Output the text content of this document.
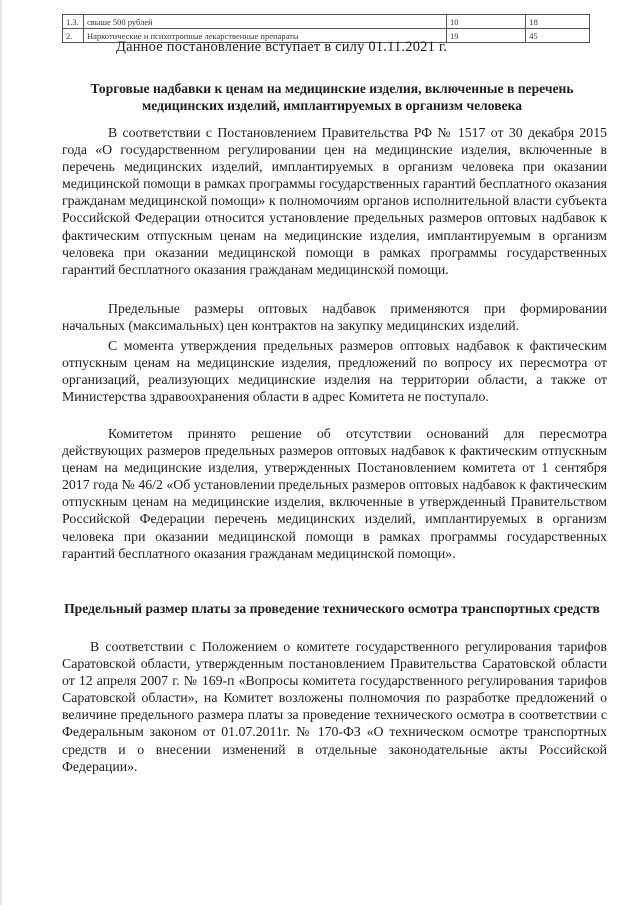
1.3.	свыше 500 рублей	10	18
2.	Наркотические и психотропные лекарственные препараты	19	45
Данное постановление вступает в силу 01.11.2021 г.
Торговые надбавки к ценам на медицинские изделия, включенные в перечень медицинских изделий, имплантируемых в организм человека

В соответствии с Постановлением Правительства РФ № 1517 от 30 декабря 2015 года «О государственном регулировании цен на медицинские изделия, включенные в перечень медицинских изделий, имплантируемых в организм человека при оказании медицинской помощи в рамках программы государственных гарантий бесплатного оказания гражданам медицинской помощи» к полномочиям органов исполнительной власти субъекта Российской Федерации относится установление предельных размеров оптовых надбавок к фактическим отпускным ценам на медицинские изделия, имплантируемым в организм человека при оказании медицинской помощи в рамках программы государственных гарантий бесплатного оказания гражданам медицинской помощи.

Предельные размеры оптовых надбавок применяются при формировании начальных (максимальных) цен контрактов на закупку медицинских изделий.

С момента утверждения предельных размеров оптовых надбавок к фактическим отпускным ценам на медицинские изделия, предложений по вопросу их пересмотра от организаций, реализующих медицинские изделия на территории области, а также от Министерства здравоохранения области в адрес Комитета не поступало.

Комитетом принято решение об отсутствии оснований для пересмотра действующих размеров предельных размеров оптовых надбавок к фактическим отпускным ценам на медицинские изделия, утвержденных Постановлением комитета от 1 сентября 2017 года № 46/2 «Об установлении предельных размеров оптовых надбавок к фактическим отпускным ценам на медицинские изделия, включенные в утвержденный Правительством Российской Федерации перечень медицинских изделий, имплантируемых в организм человека при оказании медицинской помощи в рамках программы государственных гарантий бесплатного оказания гражданам медицинской помощи».

Предельный размер платы за проведение технического осмотра транспортных средств

В соответствии с Положением о комитете государственного регулирования тарифов Саратовской области, утвержденным постановлением Правительства Саратовской области от 12 апреля 2007 г. № 169-п «Вопросы комитета государственного регулирования тарифов Саратовской области», на Комитет возложены полномочия по разработке предложений о величине предельного размера платы за проведение технического осмотра в соответствии с Федеральным законом от 01.07.2011г. № 170-ФЗ «О техническом осмотре транспортных средств и о внесении изменений в отдельные законодательные акты Российской Федерации».
